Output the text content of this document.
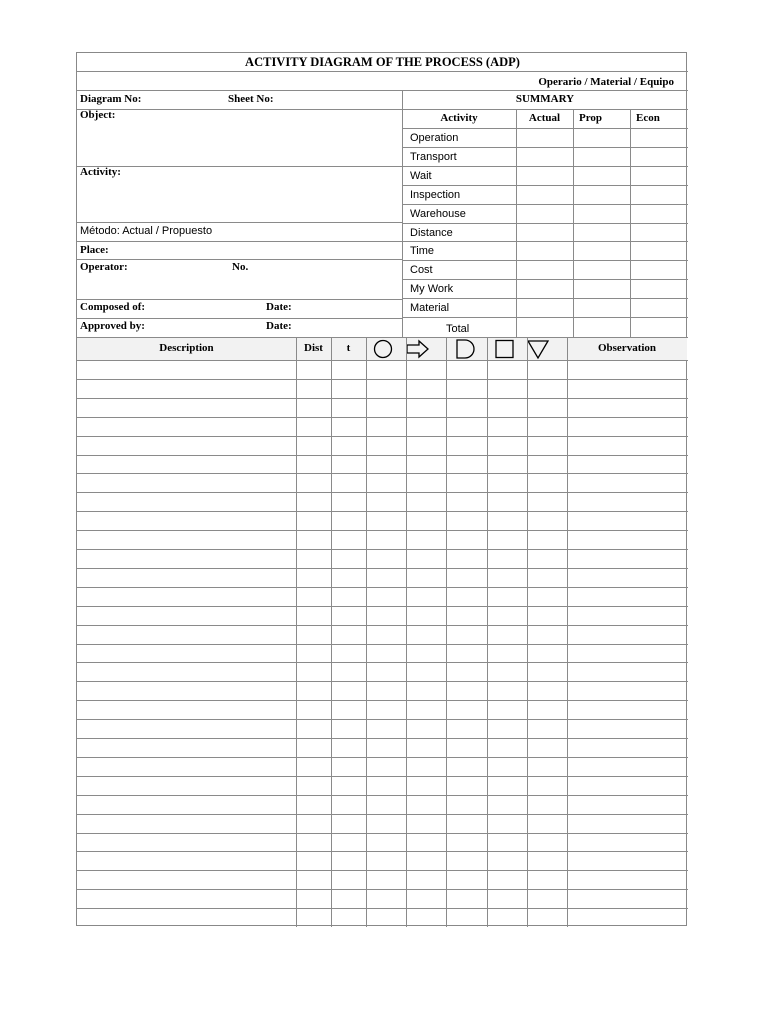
ACTIVITY DIAGRAM OF THE PROCESS (ADP)
Operario / Material / Equipo
Diagram No:	Sheet No:
Object:
Activity:
Método: Actual / Propuesto
Place:
Operator:	No.
Composed of:	Date:
Approved by:	Date:
SUMMARY
Activity	Actual	Prop	Econ
Operation
Transport
Wait
Inspection
Warehouse
Distance
Time
Cost
My Work
Material
Total
Description	Dist	t	Observation
